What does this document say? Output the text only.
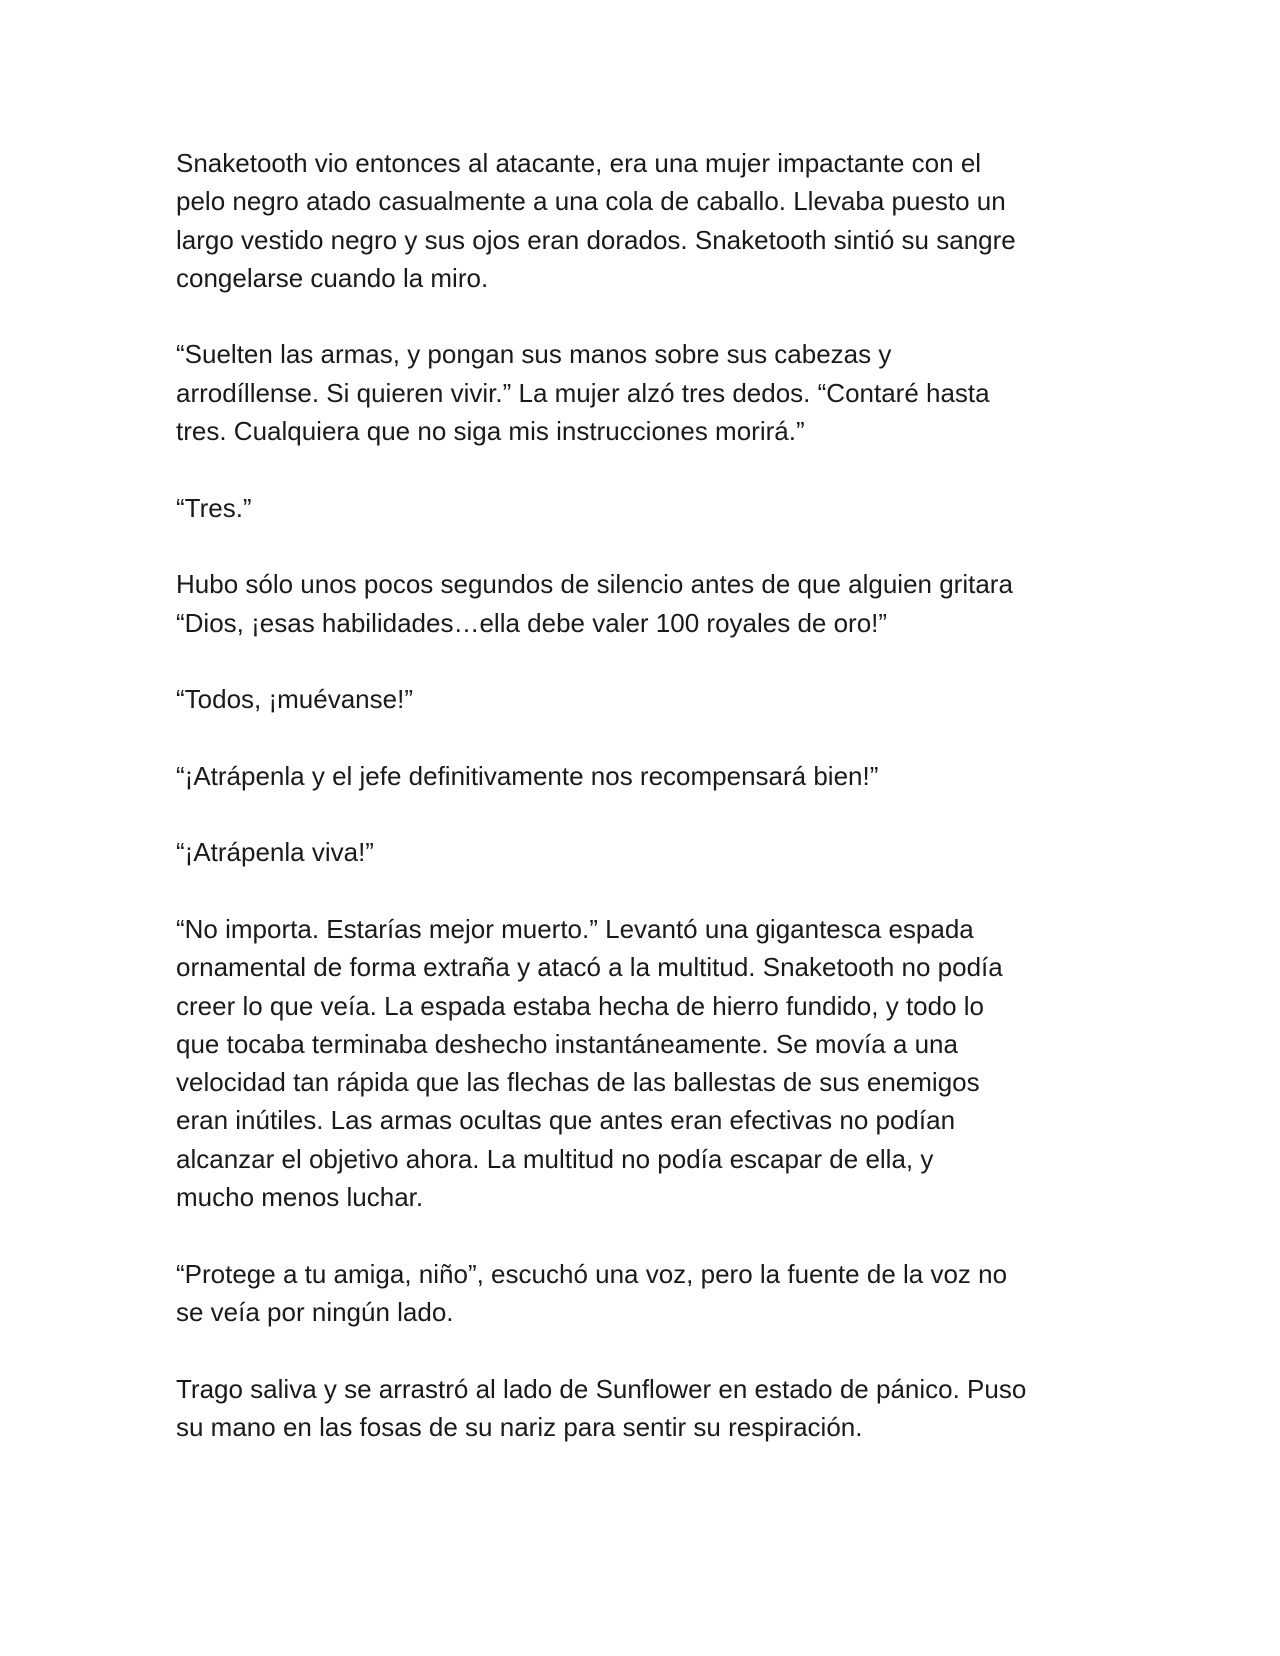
Snaketooth vio entonces al atacante, era una mujer impactante con el
pelo negro atado casualmente a una cola de caballo. Llevaba puesto un
largo vestido negro y sus ojos eran dorados. Snaketooth sintió su sangre
congelarse cuando la miro.

“Suelten las armas, y pongan sus manos sobre sus cabezas y
arrodíllense. Si quieren vivir.” La mujer alzó tres dedos. “Contaré hasta
tres. Cualquiera que no siga mis instrucciones morirá.”

“Tres.”

Hubo sólo unos pocos segundos de silencio antes de que alguien gritara
“Dios, ¡esas habilidades…ella debe valer 100 royales de oro!”

“Todos, ¡muévanse!”

“¡Atrápenla y el jefe definitivamente nos recompensará bien!”

“¡Atrápenla viva!”

“No importa. Estarías mejor muerto.” Levantó una gigantesca espada
ornamental de forma extraña y atacó a la multitud. Snaketooth no podía
creer lo que veía. La espada estaba hecha de hierro fundido, y todo lo
que tocaba terminaba deshecho instantáneamente. Se movía a una
velocidad tan rápida que las flechas de las ballestas de sus enemigos
eran inútiles. Las armas ocultas que antes eran efectivas no podían
alcanzar el objetivo ahora. La multitud no podía escapar de ella, y
mucho menos luchar.

“Protege a tu amiga, niño”, escuchó una voz, pero la fuente de la voz no
se veía por ningún lado.

Trago saliva y se arrastró al lado de Sunflower en estado de pánico. Puso
su mano en las fosas de su nariz para sentir su respiración.
